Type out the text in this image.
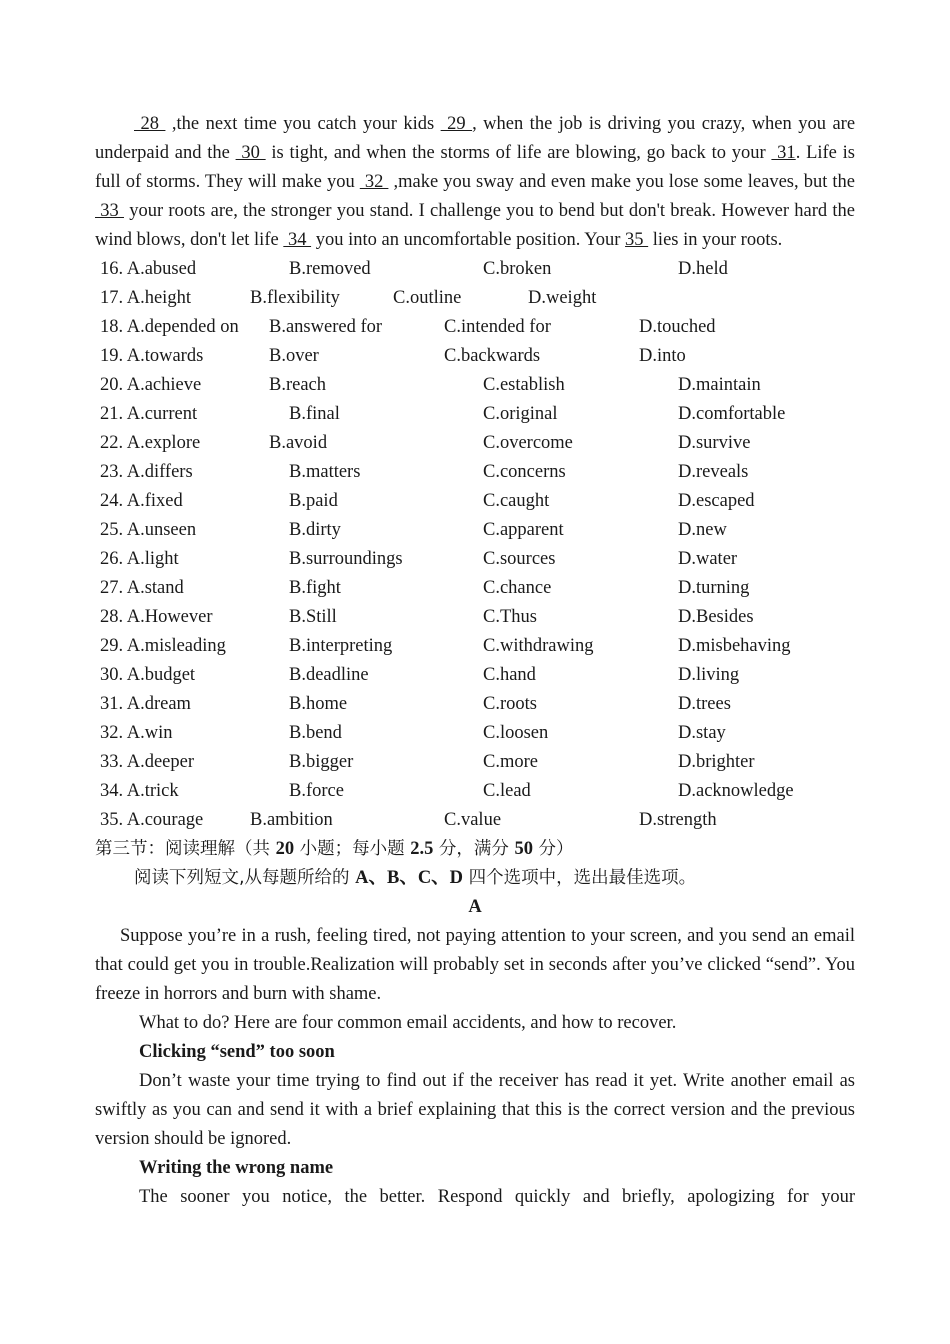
28  ,the next time you catch your kids  29 , when the job is driving you crazy, when you are underpaid and the  30  is tight, and when the storms of life are blowing, go back to your  31. Life is full of storms. They will make you  32  ,make you sway and even make you lose some leaves, but the  33  your roots are, the stronger you stand. I challenge you to bend but don't break. However hard the wind blows, don't let life  34  you into an uncomfortable position. Your 35  lies in your roots.

16. A.abused	B.removed	C.broken	D.held
17. A.height	B.flexibility	C.outline	D.weight
18. A.depended on B.answered for	C.intended for	D.touched
19. A.towards	B.over	C.backwards	D.into
20. A.achieve	B.reach	C.establish	D.maintain
21. A.current	B.final	C.original	D.comfortable
22. A.explore	B.avoid	C.overcome	D.survive
23. A.differs	B.matters	C.concerns	D.reveals
24. A.fixed	B.paid	C.caught	D.escaped
25. A.unseen	B.dirty	C.apparent	D.new
26. A.light	B.surroundings	C.sources	D.water
27. A.stand	B.fight	C.chance	D.turning
28. A.However	B.Still	C.Thus	D.Besides
29. A.misleading	B.interpreting	C.withdrawing	D.misbehaving
30. A.budget	B.deadline	C.hand	D.living
31. A.dream	B.home	C.roots	D.trees
32. A.win	B.bend	C.loosen	D.stay
33. A.deeper	B.bigger	C.more	D.brighter
34. A.trick	B.force	C.lead	D.acknowledge
35. A.courage	B.ambition	C.value	D.strength
第三节：阅读理解（共 20 小题；每小题 2.5 分，满分 50 分）
阅读下列短文,从每题所给的 A、B、C、D 四个选项中，选出最佳选项。
A

Suppose you’re in a rush, feeling tired, not paying attention to your screen, and you send an email that could get you in trouble.Realization will probably set in seconds after you’ve clicked “send”. You freeze in horrors and burn with shame.

What to do? Here are four common email accidents, and how to recover.

Clicking “send” too soon

Don’t waste your time trying to find out if the receiver has read it yet. Write another email as swiftly as you can and send it with a brief explaining that this is the correct version and the previous version should be ignored.

Writing the wrong name

The sooner you notice, the better. Respond quickly and briefly, apologizing for your
